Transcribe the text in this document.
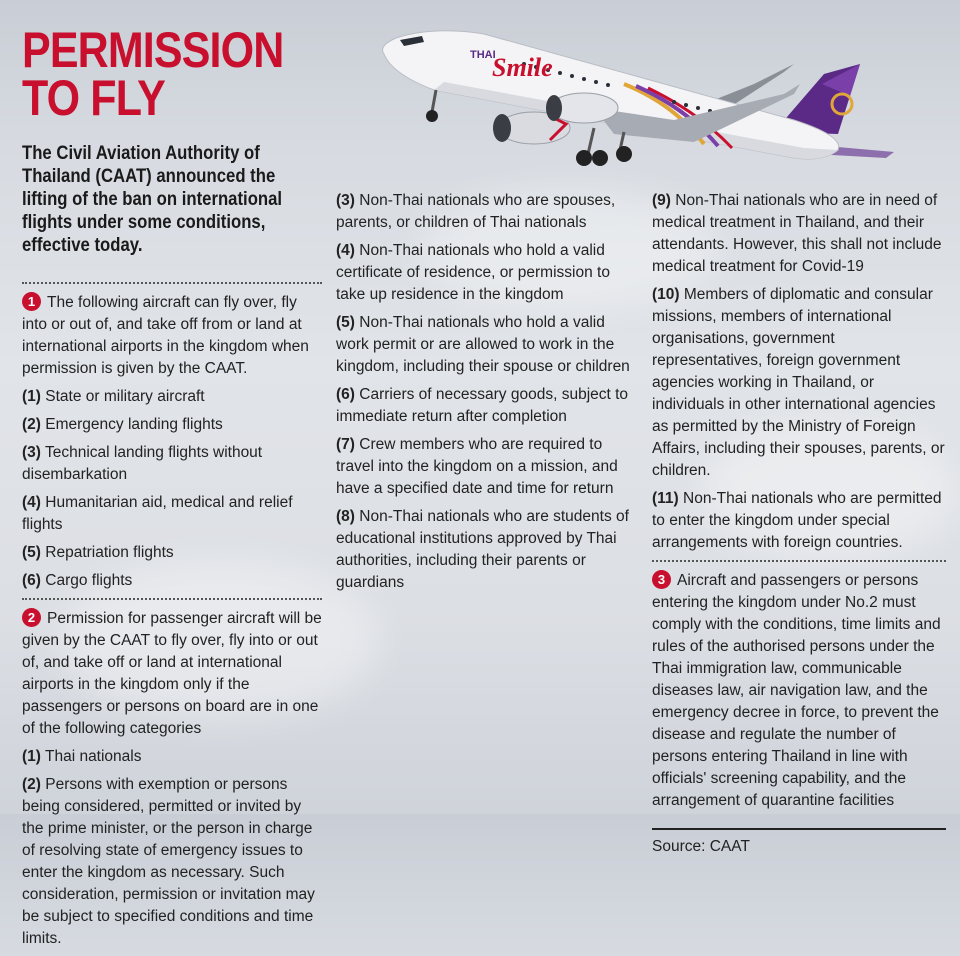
PERMISSION
TO FLY

The Civil Aviation Authority of Thailand (CAAT) announced the lifting of the ban on international flights under some conditions, effective today.

THAI
Smile

1 The following aircraft can fly over, fly into or out of, and take off from or land at international airports in the kingdom when permission is given by the CAAT.

(1) State or military aircraft

(2) Emergency landing flights

(3) Technical landing flights without disembarkation

(4) Humanitarian aid, medical and relief flights

(5) Repatriation flights

(6) Cargo flights

2 Permission for passenger aircraft will be given by the CAAT to fly over, fly into or out of, and take off or land at international airports in the kingdom only if the passengers or persons on board are in one of the following categories

(1) Thai nationals

(2) Persons with exemption or persons being considered, permitted or invited by the prime minister, or the person in charge of resolving state of emergency issues to enter the kingdom as necessary. Such consideration, permission or invitation may be subject to specified conditions and time limits.

(3) Non-Thai nationals who are spouses, parents, or children of Thai nationals

(4) Non-Thai nationals who hold a valid certificate of residence, or permission to take up residence in the kingdom

(5) Non-Thai nationals who hold a valid work permit or are allowed to work in the kingdom, including their spouse or children

(6) Carriers of necessary goods, subject to immediate return after completion

(7) Crew members who are required to travel into the kingdom on a mission, and have a specified date and time for return

(8) Non-Thai nationals who are students of educational institutions approved by Thai authorities, including their parents or guardians

(9) Non-Thai nationals who are in need of medical treatment in Thailand, and their attendants. However, this shall not include medical treatment for Covid-19

(10) Members of diplomatic and consular missions, members of international organisations, government representatives, foreign government agencies working in Thailand, or individuals in other international agencies as permitted by the Ministry of Foreign Affairs, including their spouses, parents, or children.

(11) Non-Thai nationals who are permitted to enter the kingdom under special arrangements with foreign countries.

3 Aircraft and passengers or persons entering the kingdom under No.2 must comply with the conditions, time limits and rules of the authorised persons under the Thai immigration law, communicable diseases law, air navigation law, and the emergency decree in force, to prevent the disease and regulate the number of persons entering Thailand in line with officials' screening capability, and the arrangement of quarantine facilities

Source: CAAT
